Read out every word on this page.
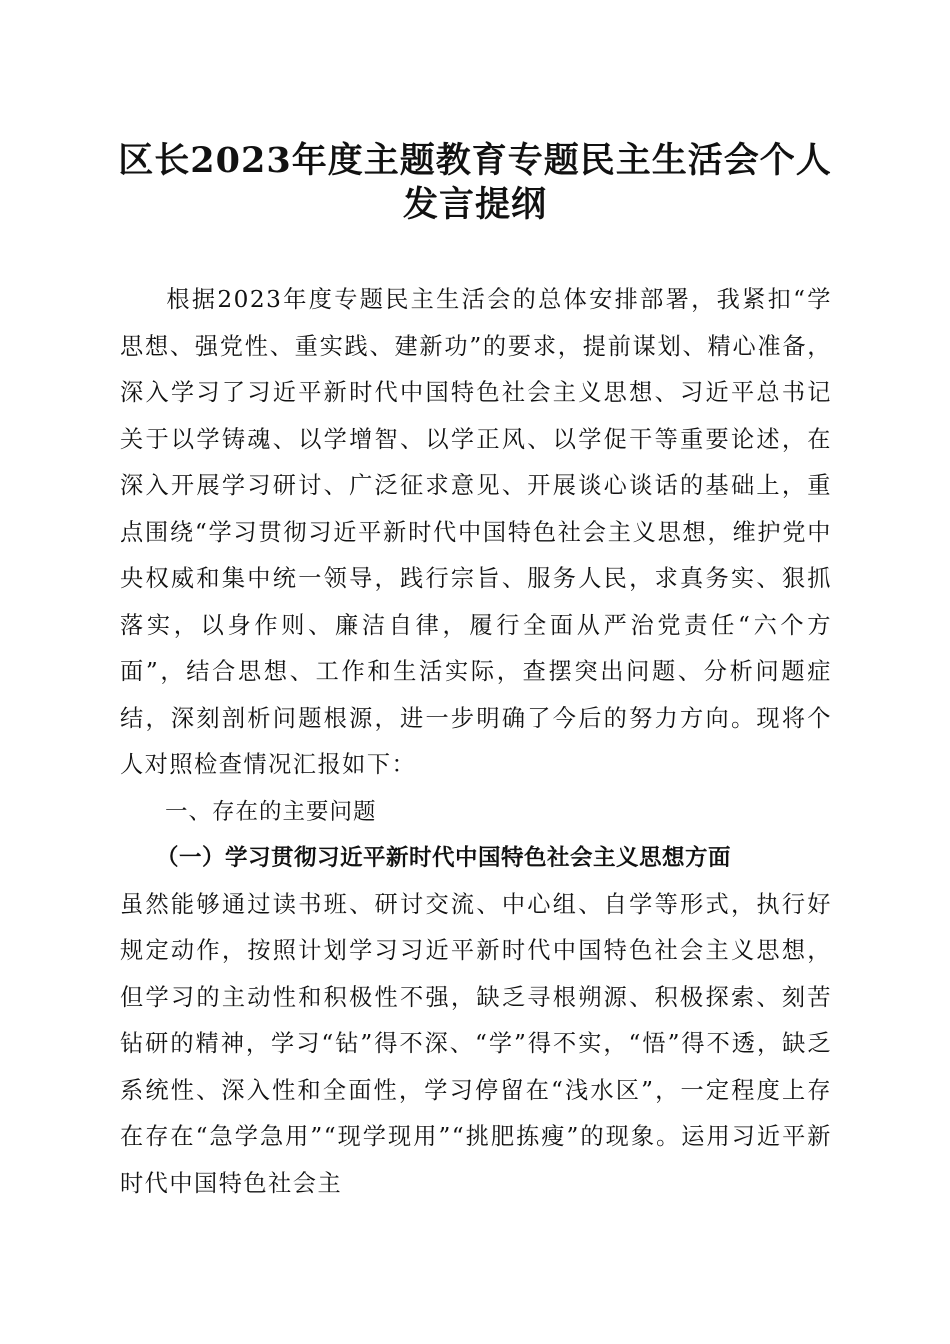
区长2023年度主题教育专题民主生活会个人
发言提纲

根据2023年度专题民主生活会的总体安排部署，我紧扣“学思想、强党性、重实践、建新功”的要求，提前谋划、精心准备，深入学习了习近平新时代中国特色社会主义思想、习近平总书记关于以学铸魂、以学增智、以学正风、以学促干等重要论述，在深入开展学习研讨、广泛征求意见、开展谈心谈话的基础上，重点围绕“学习贯彻习近平新时代中国特色社会主义思想，维护党中央权威和集中统一领导，践行宗旨、服务人民，求真务实、狠抓落实，以身作则、廉洁自律，履行全面从严治党责任“六个方面”，结合思想、工作和生活实际，查摆突出问题、分析问题症结，深刻剖析问题根源，进一步明确了今后的努力方向。现将个人对照检查情况汇报如下：

一、存在的主要问题

（一）学习贯彻习近平新时代中国特色社会主义思想方面

虽然能够通过读书班、研讨交流、中心组、自学等形式，执行好规定动作，按照计划学习习近平新时代中国特色社会主义思想，但学习的主动性和积极性不强，缺乏寻根朔源、积极探索、刻苦钻研的精神，学习“钻”得不深、“学”得不实，“悟”得不透，缺乏系统性、深入性和全面性，学习停留在“浅水区”，一定程度上存在存在“急学急用”“现学现用”“挑肥拣瘦”的现象。运用习近平新时代中国特色社会主
